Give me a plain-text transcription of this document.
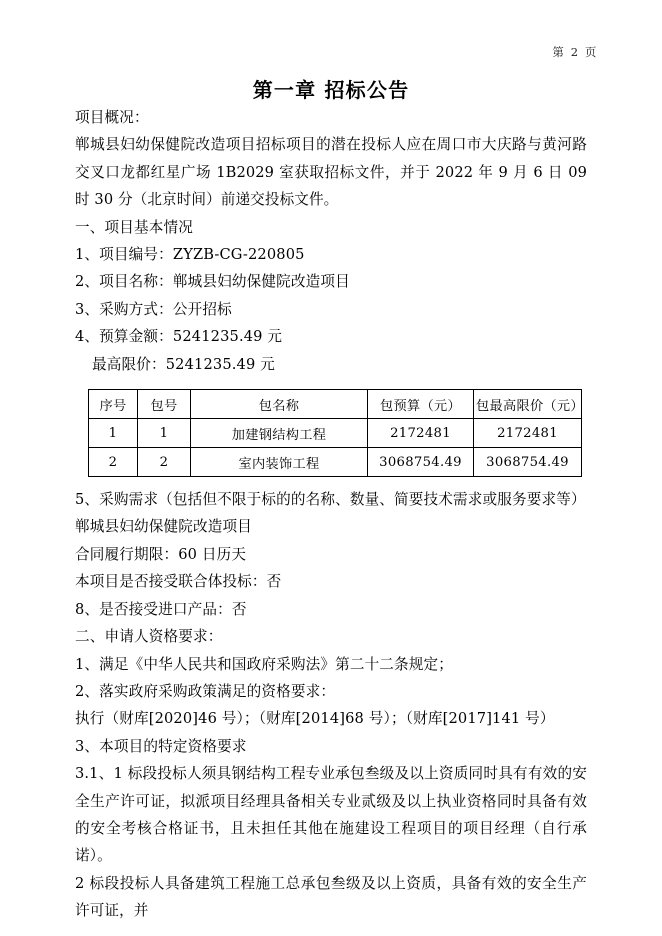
第 2 页
第一章 招标公告
项目概况：
郸城县妇幼保健院改造项目招标项目的潜在投标人应在周口市大庆路与黄河路交叉口龙都红星广场 1B2029 室获取招标文件，并于 2022 年 9 月 6 日 09 时 30 分（北京时间）前递交投标文件。
一、项目基本情况
1、项目编号：ZYZB-CG-220805
2、项目名称：郸城县妇幼保健院改造项目
3、采购方式：公开招标
4、预算金额：5241235.49 元
最高限价：5241235.49 元
序号	包号	包名称	包预算（元）	包最高限价（元）
1	1	加建钢结构工程	2172481	2172481
2	2	室内装饰工程	3068754.49	3068754.49
5、采购需求（包括但不限于标的的名称、数量、简要技术需求或服务要求等）
郸城县妇幼保健院改造项目
合同履行期限：60 日历天
本项目是否接受联合体投标：否
8、是否接受进口产品：否
二、申请人资格要求：
1、满足《中华人民共和国政府采购法》第二十二条规定；
2、落实政府采购政策满足的资格要求：
执行（财库[2020]46 号）；（财库[2014]68 号）；（财库[2017]141 号）
3、本项目的特定资格要求
3.1、1 标段投标人须具钢结构工程专业承包叁级及以上资质同时具有有效的安全生产许可证，拟派项目经理具备相关专业贰级及以上执业资格同时具备有效的安全考核合格证书，且未担任其他在施建设工程项目的项目经理（自行承诺）。
2 标段投标人具备建筑工程施工总承包叁级及以上资质，具备有效的安全生产许可证，并
